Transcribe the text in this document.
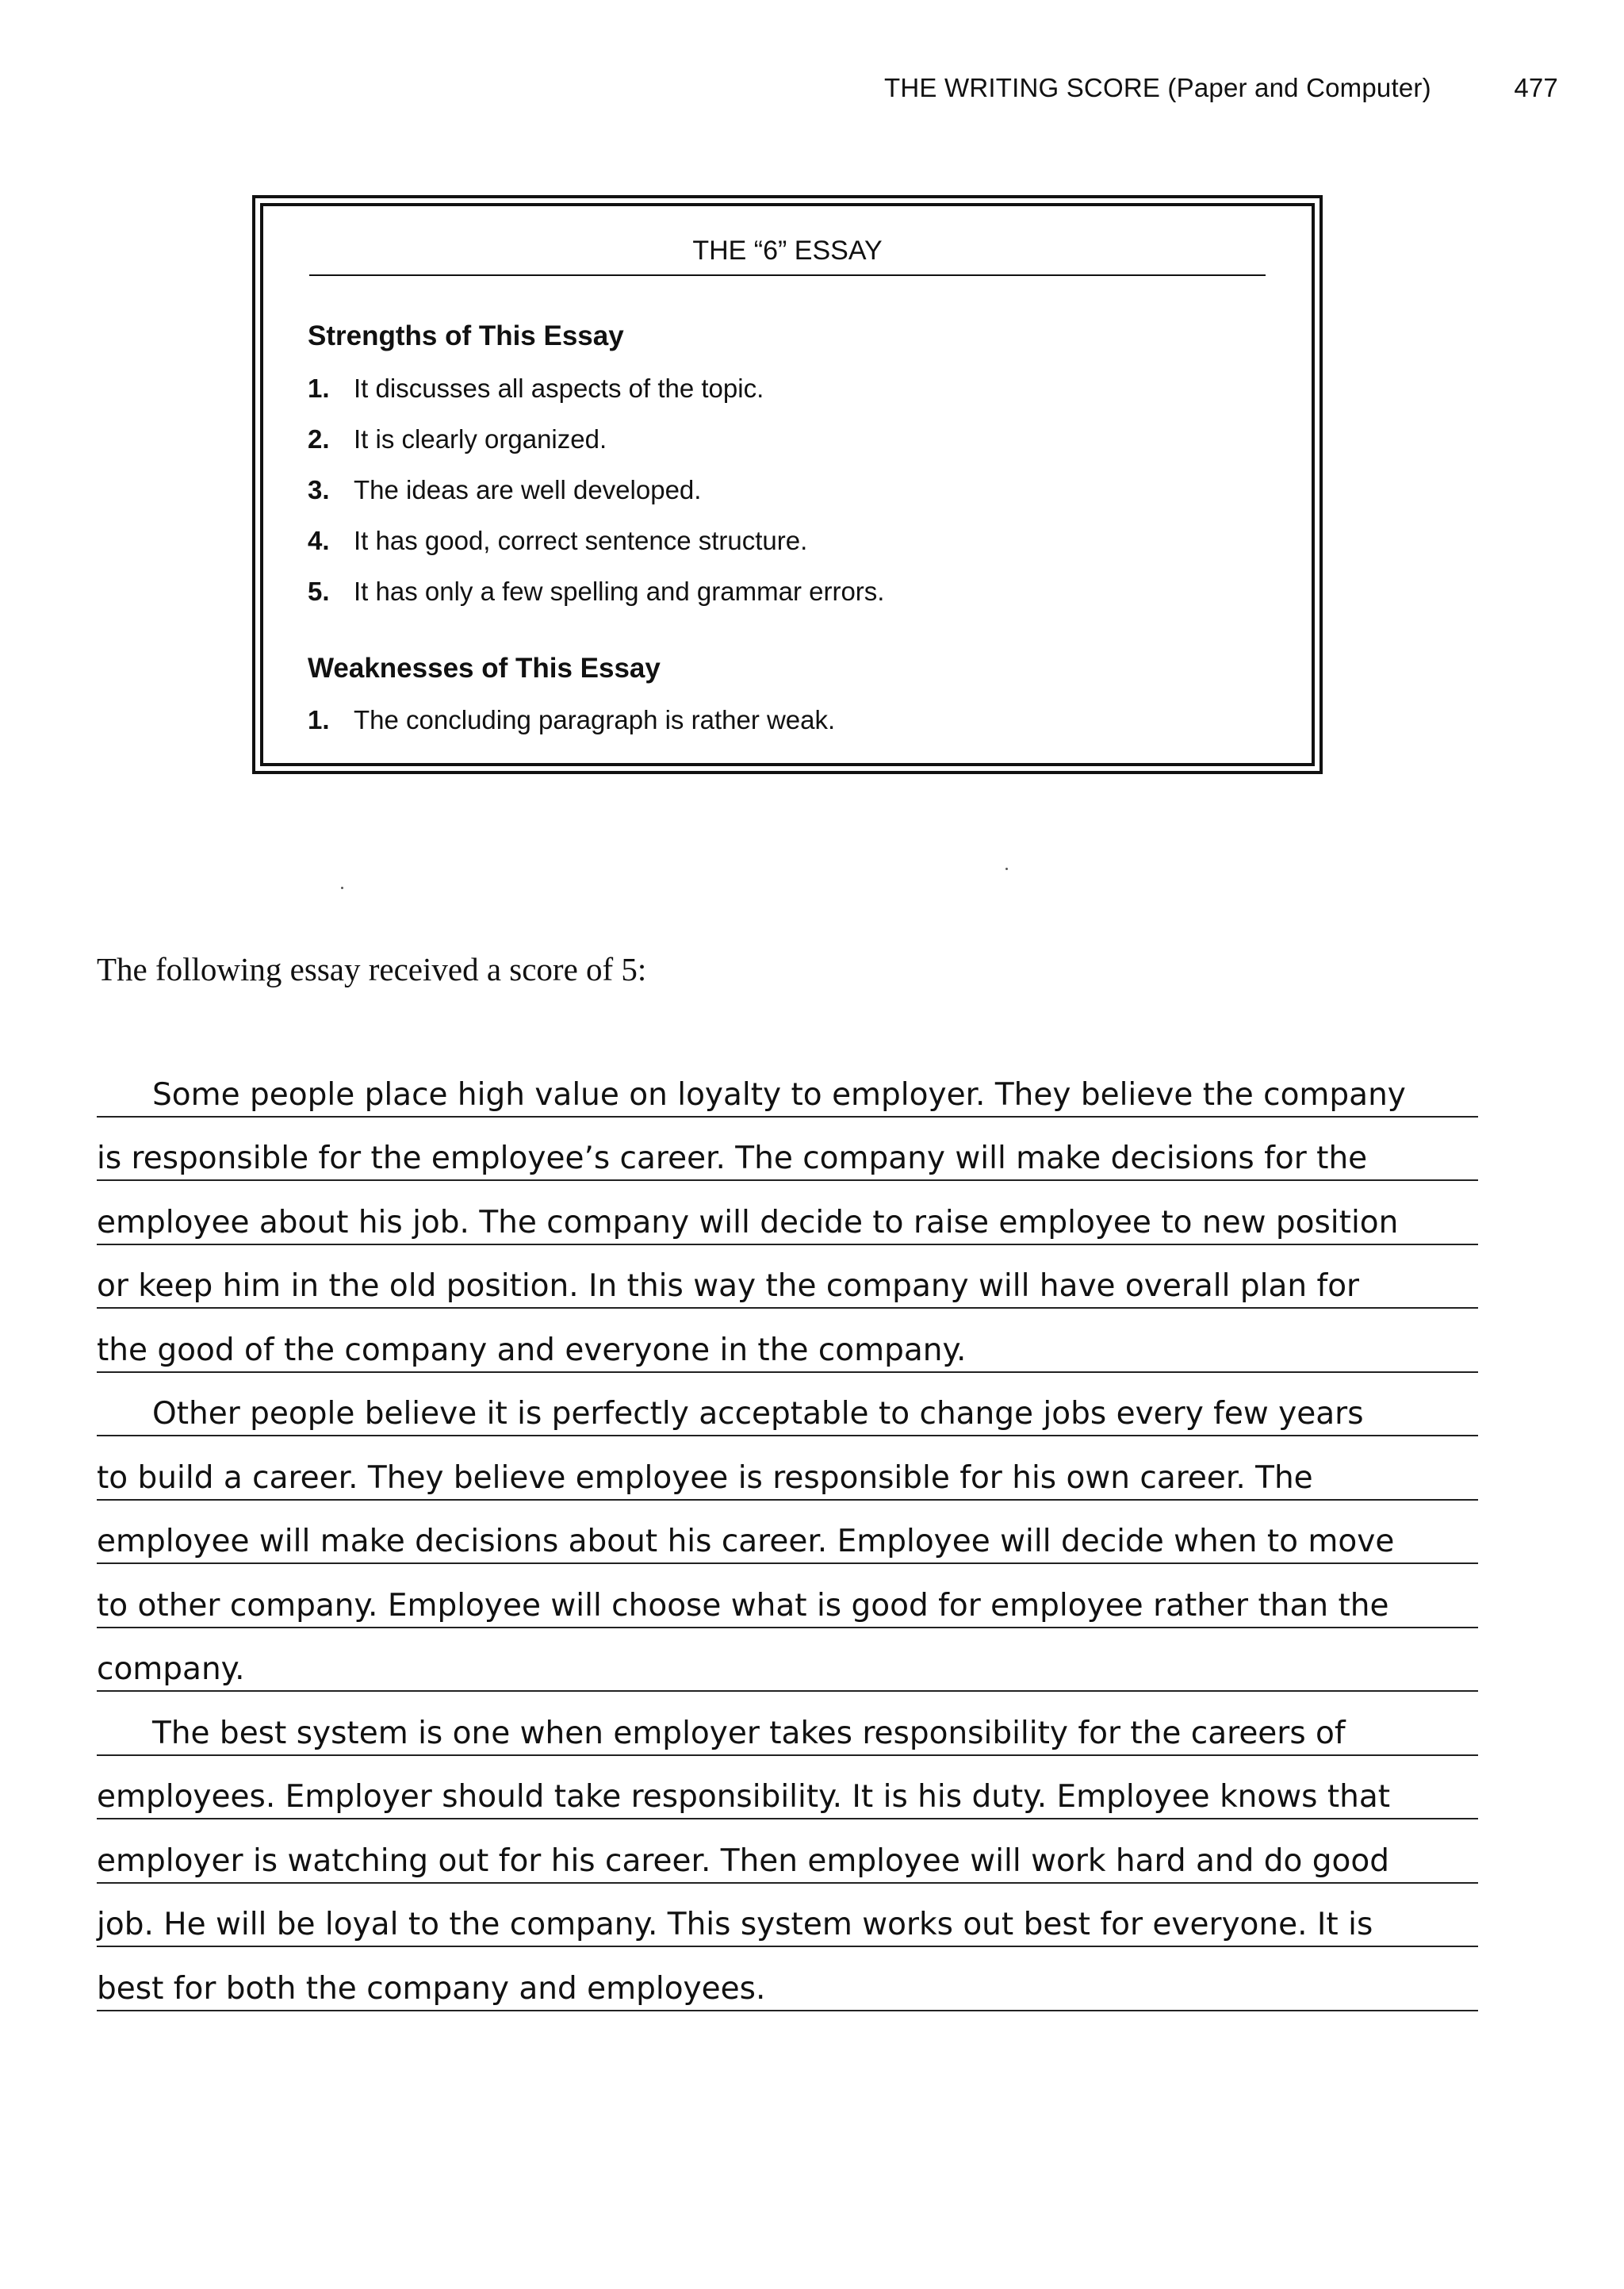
THE WRITING SCORE (Paper and Computer)	477
THE “6” ESSAY
Strengths of This Essay
1. It discusses all aspects of the topic.
2. It is clearly organized.
3. The ideas are well developed.
4. It has good, correct sentence structure.
5. It has only a few spelling and grammar errors.
Weaknesses of This Essay
1. The concluding paragraph is rather weak.
The following essay received a score of 5:
Some people place high value on loyalty to employer. They believe the company
is responsible for the employee’s career. The company will make decisions for the
employee about his job. The company will decide to raise employee to new position
or keep him in the old position. In this way the company will have overall plan for
the good of the company and everyone in the company.
Other people believe it is perfectly acceptable to change jobs every few years
to build a career. They believe employee is responsible for his own career. The
employee will make decisions about his career. Employee will decide when to move
to other company. Employee will choose what is good for employee rather than the
company.
The best system is one when employer takes responsibility for the careers of
employees. Employer should take responsibility. It is his duty. Employee knows that
employer is watching out for his career. Then employee will work hard and do good
job. He will be loyal to the company. This system works out best for everyone. It is
best for both the company and employees.
